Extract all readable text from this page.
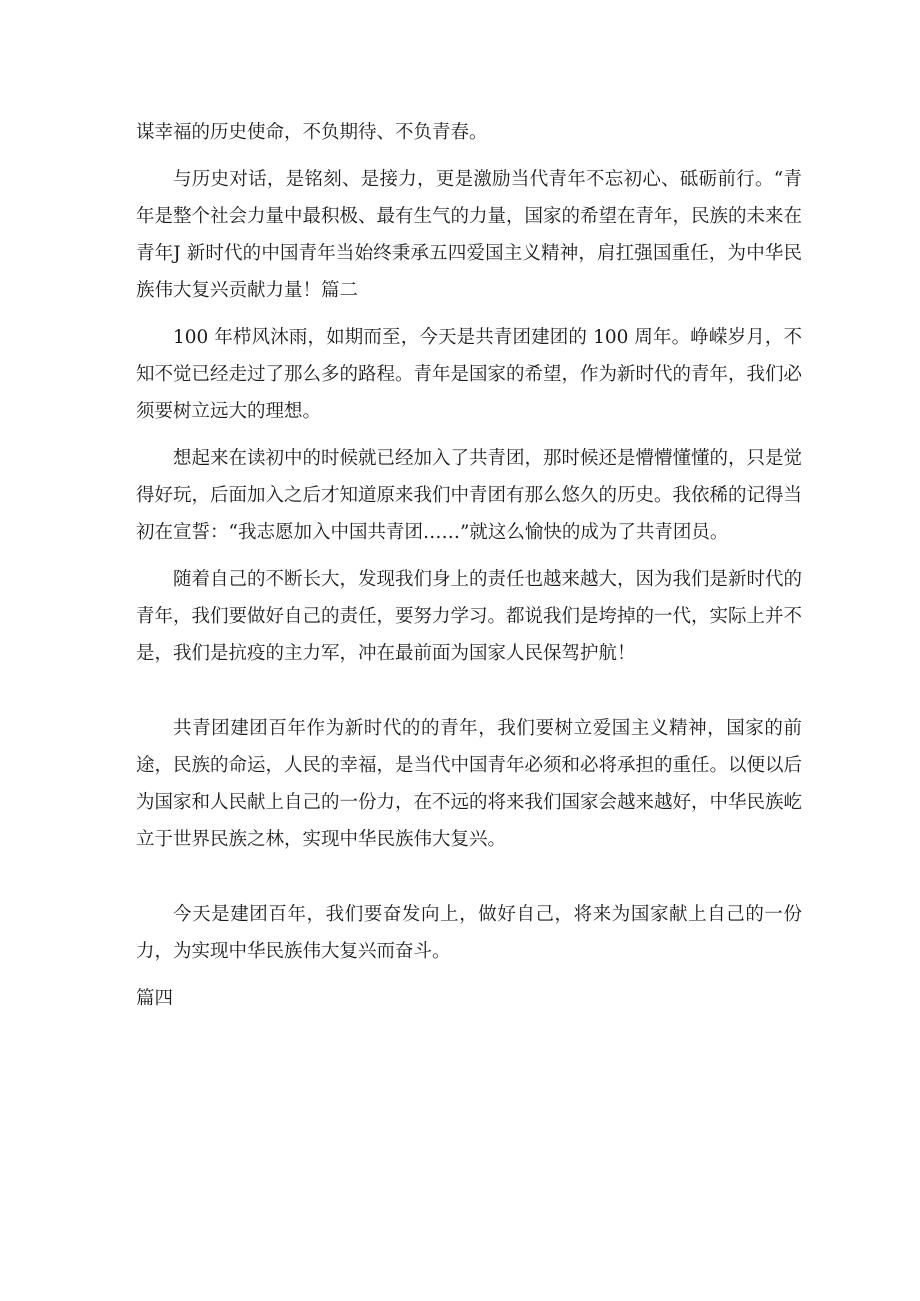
谋幸福的历史使命，不负期待、不负青春。

与历史对话，是铭刻、是接力，更是激励当代青年不忘初心、砥砺前行。“青年是整个社会力量中最积极、最有生气的力量，国家的希望在青年，民族的未来在青年J 新时代的中国青年当始终秉承五四爱国主义精神，肩扛强国重任，为中华民族伟大复兴贡献力量！篇二

100 年栉风沐雨，如期而至，今天是共青团建团的 100 周年。峥嵘岁月，不知不觉已经走过了那么多的路程。青年是国家的希望，作为新时代的青年，我们必须要树立远大的理想。

想起来在读初中的时候就已经加入了共青团，那时候还是懵懵懂懂的，只是觉得好玩，后面加入之后才知道原来我们中青团有那么悠久的历史。我依稀的记得当初在宣誓：“我志愿加入中国共青团……”就这么愉快的成为了共青团员。

随着自己的不断长大，发现我们身上的责任也越来越大，因为我们是新时代的青年，我们要做好自己的责任，要努力学习。都说我们是垮掉的一代，实际上并不是，我们是抗疫的主力军，冲在最前面为国家人民保驾护航！

共青团建团百年作为新时代的的青年，我们要树立爱国主义精神，国家的前途，民族的命运，人民的幸福，是当代中国青年必须和必将承担的重任。以便以后为国家和人民献上自己的一份力，在不远的将来我们国家会越来越好，中华民族屹立于世界民族之林，实现中华民族伟大复兴。

今天是建团百年，我们要奋发向上，做好自己，将来为国家献上自己的一份力，为实现中华民族伟大复兴而奋斗。

篇四
